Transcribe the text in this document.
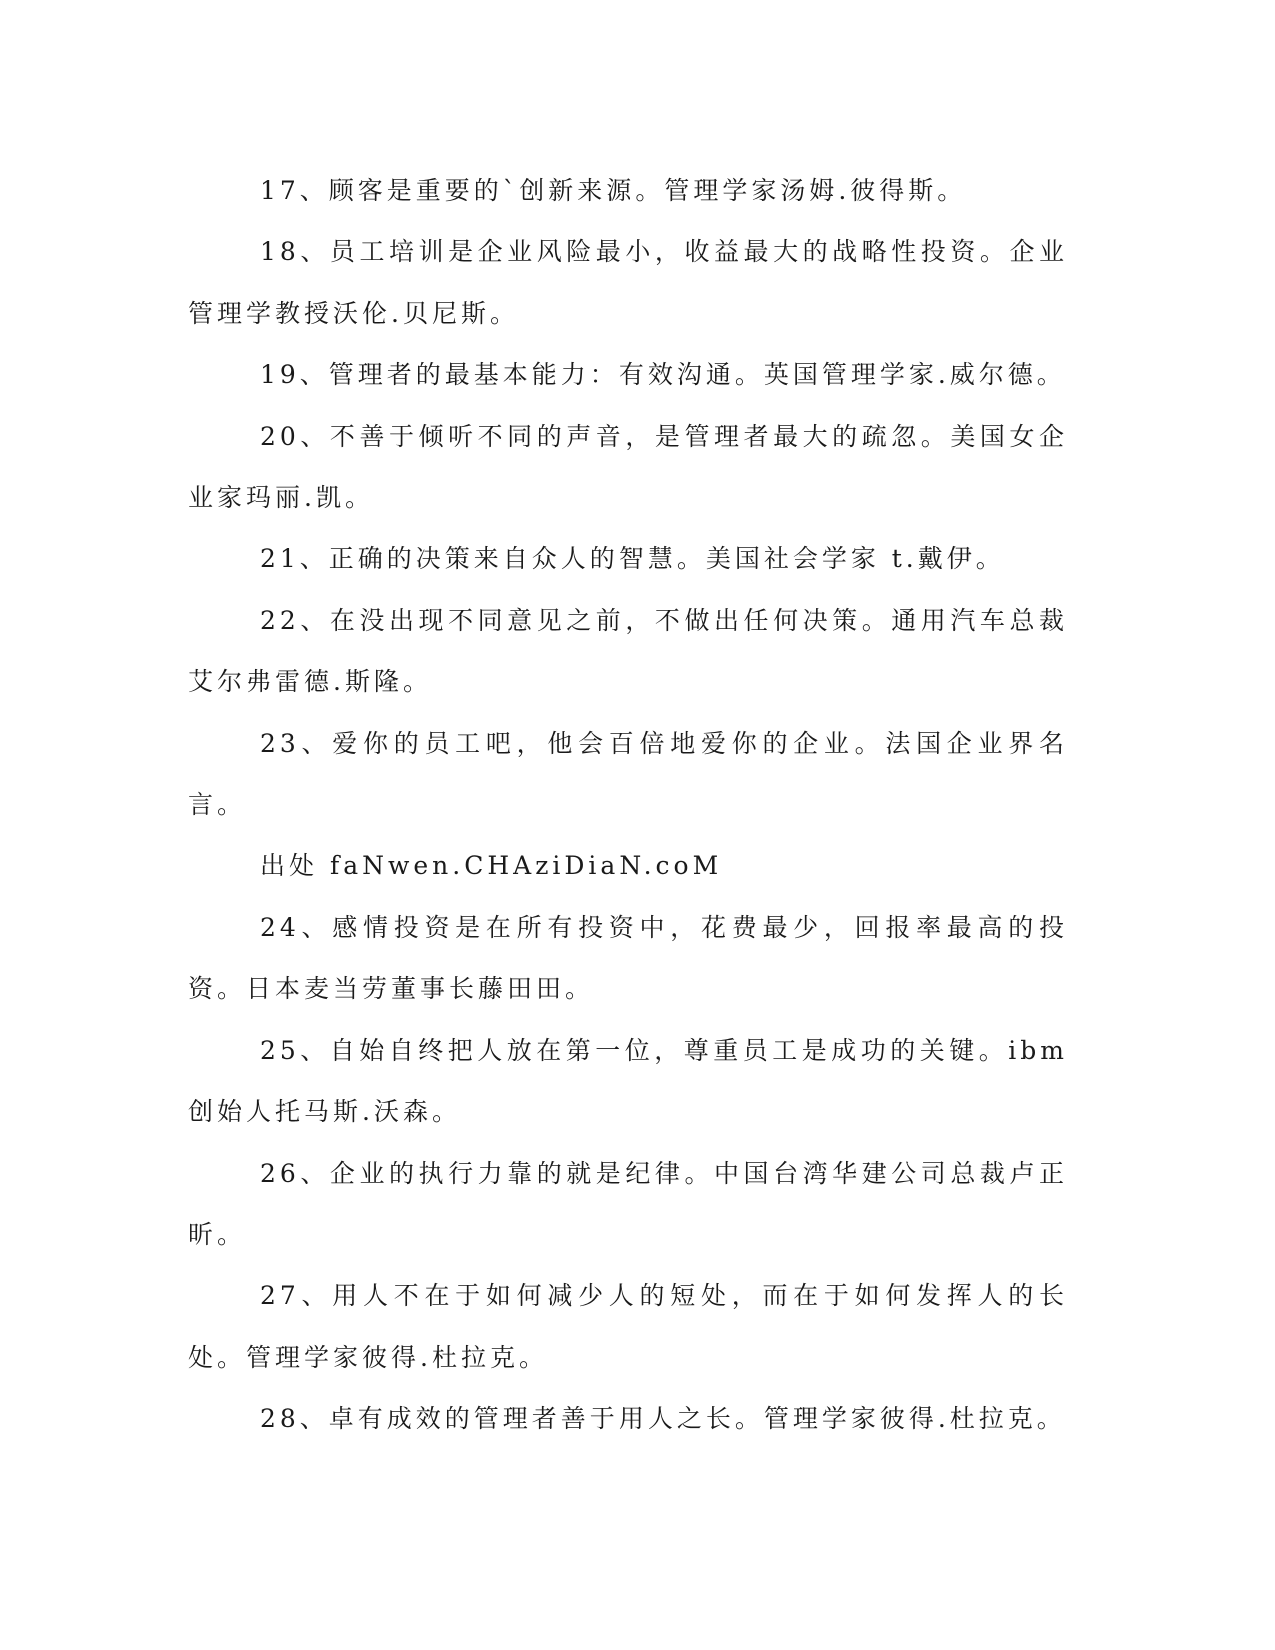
17、顾客是重要的`创新来源。管理学家汤姆.彼得斯。

18、员工培训是企业风险最小，收益最大的战略性投资。企业管理学教授沃伦.贝尼斯。

19、管理者的最基本能力：有效沟通。英国管理学家.威尔德。

20、不善于倾听不同的声音，是管理者最大的疏忽。美国女企业家玛丽.凯。

21、正确的决策来自众人的智慧。美国社会学家 t.戴伊。

22、在没出现不同意见之前，不做出任何决策。通用汽车总裁艾尔弗雷德.斯隆。

23、爱你的员工吧，他会百倍地爱你的企业。法国企业界名言。

出处 faNwen.CHAziDiaN.coM

24、感情投资是在所有投资中，花费最少，回报率最高的投资。日本麦当劳董事长藤田田。

25、自始自终把人放在第一位，尊重员工是成功的关键。ibm 创始人托马斯.沃森。

26、企业的执行力靠的就是纪律。中国台湾华建公司总裁卢正昕。

27、用人不在于如何减少人的短处，而在于如何发挥人的长处。管理学家彼得.杜拉克。

28、卓有成效的管理者善于用人之长。管理学家彼得.杜拉克。
